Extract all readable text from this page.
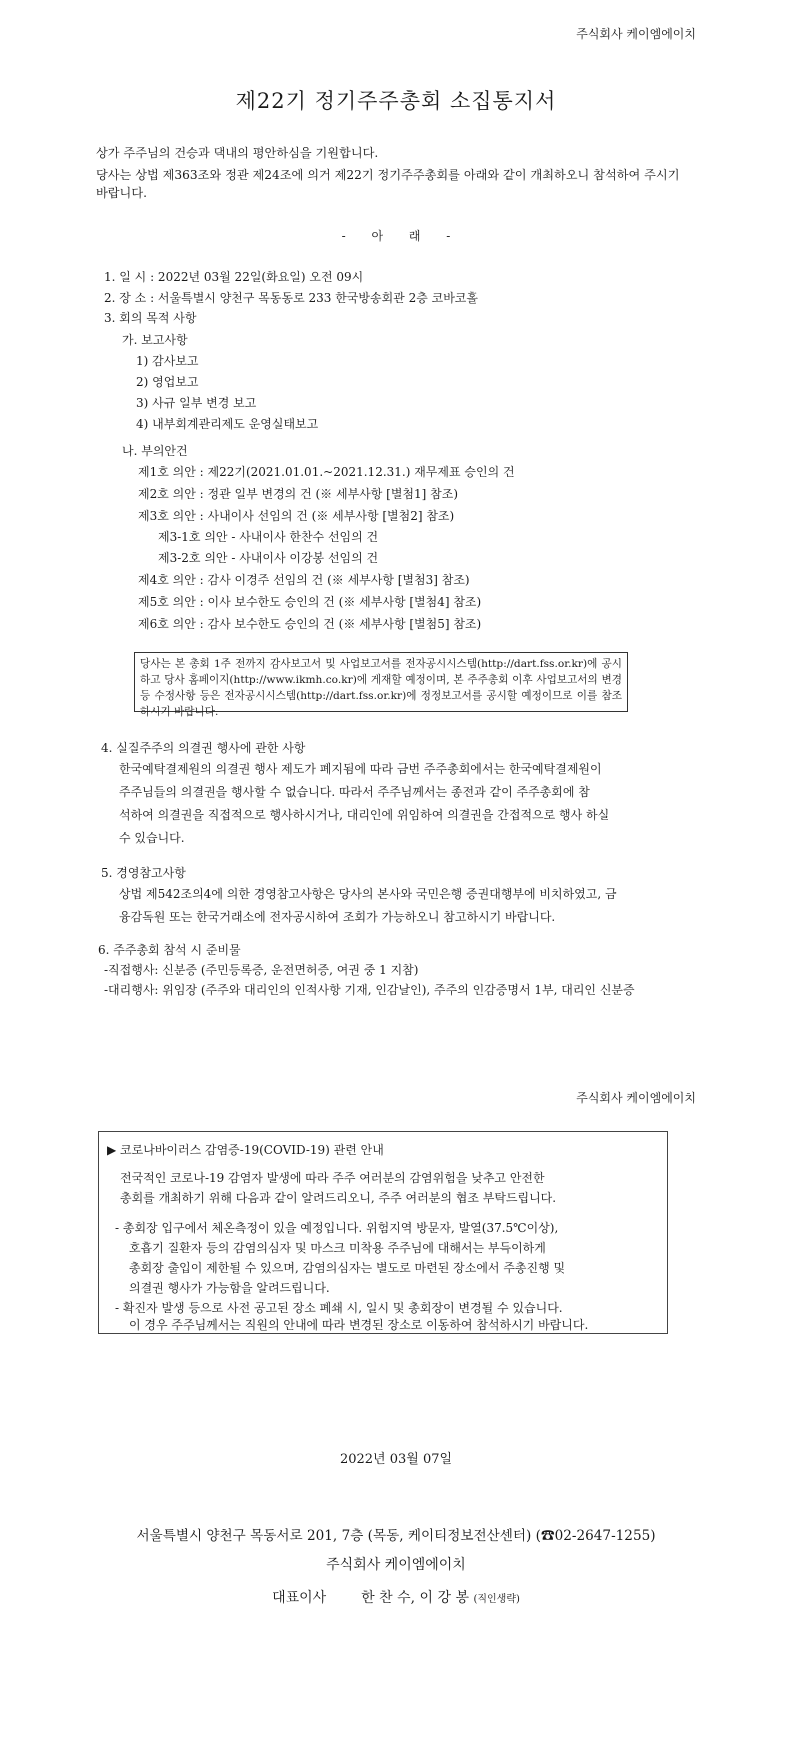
주식회사 케이엠에이치
제22기 정기주주총회 소집통지서
상가 주주님의 건승과 댁내의 평안하심을 기원합니다.
당사는 상법 제363조와 정관 제24조에 의거 제22기 정기주주총회를 아래와 같이 개최하오니 참석하여 주시기 바랍니다.
- 아 래 -
1. 일 시 : 2022년 03월 22일(화요일) 오전 09시
2. 장 소 : 서울특별시 양천구 목동동로 233 한국방송회관 2층 코바코홀
3. 회의 목적 사항
가. 보고사항
1) 감사보고
2) 영업보고
3) 사규 일부 변경 보고
4) 내부회계관리제도 운영실태보고
나. 부의안건
제1호 의안 : 제22기(2021.01.01.~2021.12.31.) 재무제표 승인의 건
제2호 의안 : 정관 일부 변경의 건 (※ 세부사항 [별첨1] 참조)
제3호 의안 : 사내이사 선임의 건 (※ 세부사항 [별첨2] 참조)
제3-1호 의안 - 사내이사 한찬수 선임의 건
제3-2호 의안 - 사내이사 이강봉 선임의 건
제4호 의안 : 감사 이경주 선임의 건 (※ 세부사항 [별첨3] 참조)
제5호 의안 : 이사 보수한도 승인의 건 (※ 세부사항 [별첨4] 참조)
제6호 의안 : 감사 보수한도 승인의 건 (※ 세부사항 [별첨5] 참조)
당사는 본 총회 1주 전까지 감사보고서 및 사업보고서를 전자공시시스템(http://dart.fss.or.kr)에 공시하고 당사 홈페이지(http://www.ikmh.co.kr)에 게재할 예정이며, 본 주주총회 이후 사업보고서의 변경 등 수정사항 등은 전자공시시스템(http://dart.fss.or.kr)에 정정보고서를 공시할 예정이므로 이를 참조하시기 바랍니다.
4. 실질주주의 의결권 행사에 관한 사항
한국예탁결제원의 의결권 행사 제도가 폐지됨에 따라 금번 주주총회에서는 한국예탁결제원이
주주님들의 의결권을 행사할 수 없습니다. 따라서 주주님께서는 종전과 같이 주주총회에 참
석하여 의결권을 직접적으로 행사하시거나, 대리인에 위임하여 의결권을 간접적으로 행사 하실
수 있습니다.
5. 경영참고사항
상법 제542조의4에 의한 경영참고사항은 당사의 본사와 국민은행 증권대행부에 비치하였고, 금
융감독원 또는 한국거래소에 전자공시하여 조회가 가능하오니 참고하시기 바랍니다.
6. 주주총회 참석 시 준비물
-직접행사: 신분증 (주민등록증, 운전면허증, 여권 중 1 지참)
-대리행사: 위임장 (주주와 대리인의 인적사항 기재, 인감날인), 주주의 인감증명서 1부, 대리인 신분증
주식회사 케이엠에이치
▶ 코로나바이러스 감염증-19(COVID-19) 관련 안내
전국적인 코로나-19 감염자 발생에 따라 주주 여러분의 감염위험을 낮추고 안전한
총회를 개최하기 위해 다음과 같이 알려드리오니, 주주 여러분의 협조 부탁드립니다.
- 총회장 입구에서 체온측정이 있을 예정입니다. 위험지역 방문자, 발열(37.5℃이상),
호흡기 질환자 등의 감염의심자 및 마스크 미착용 주주님에 대해서는 부득이하게
총회장 출입이 제한될 수 있으며, 감염의심자는 별도로 마련된 장소에서 주총진행 및
의결권 행사가 가능함을 알려드립니다.
- 확진자 발생 등으로 사전 공고된 장소 폐쇄 시, 일시 및 총회장이 변경될 수 있습니다.
이 경우 주주님께서는 직원의 안내에 따라 변경된 장소로 이동하여 참석하시기 바랍니다.
2022년 03월 07일
서울특별시 양천구 목동서로 201, 7층 (목동, 케이티정보전산센터) (☎02-2647-1255)
주식회사 케이엠에이치
대표이사 한 찬 수, 이 강 봉 (직인생략)
